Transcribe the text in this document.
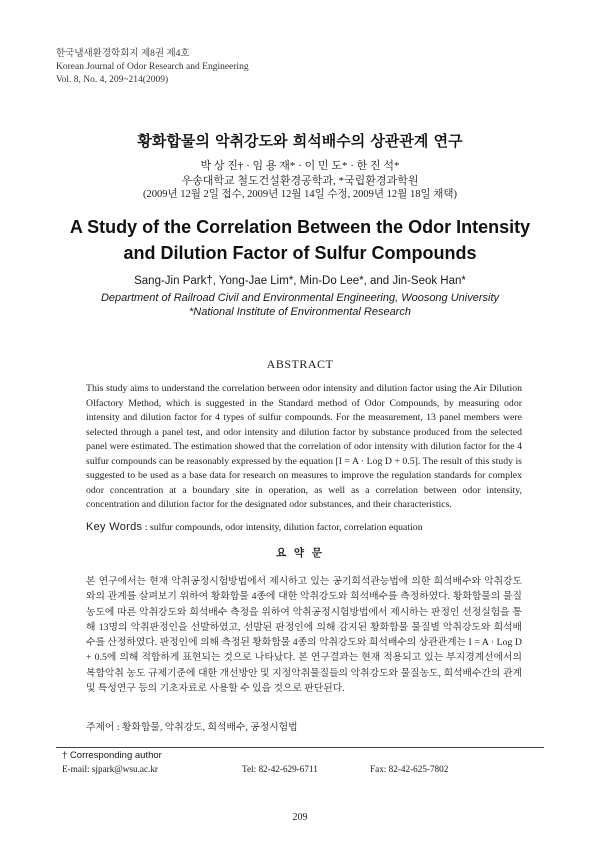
한국냄새환경학회지 제8권 제4호
Korean Journal of Odor Research and Engineering
Vol. 8, No. 4, 209~214(2009)
황화합물의 악취강도와 희석배수의 상관관계 연구
박 상 진† · 임 용 재* · 이 민 도* · 한 진 석*
우송대학교 철도건설환경공학과, *국립환경과학원
(2009년 12월 2일 접수, 2009년 12월 14일 수정, 2009년 12월 18일 채택)
A Study of the Correlation Between the Odor Intensity and Dilution Factor of Sulfur Compounds
Sang-Jin Park†, Yong-Jae Lim*, Min-Do Lee*, and Jin-Seok Han*
Department of Railroad Civil and Environmental Engineering, Woosong University
*National Institute of Environmental Research
ABSTRACT
This study aims to understand the correlation between odor intensity and dilution factor using the Air Dilution Olfactory Method, which is suggested in the Standard method of Odor Compounds, by measuring odor intensity and dilution factor for 4 types of sulfur compounds. For the measurement, 13 panel members were selected through a panel test, and odor intensity and dilution factor by substance produced from the selected panel were estimated. The estimation showed that the correlation of odor intensity with dilution factor for the 4 sulfur compounds can be reasonably expressed by the equation [I = A · Log D + 0.5]. The result of this study is suggested to be used as a base data for research on measures to improve the regulation standards for complex odor concentration at a boundary site in operation, as well as a correlation between odor intensity, concentration and dilution factor for the designated odor substances, and their characteristics.
Key Words : sulfur compounds, odor intensity, dilution factor, correlation equation
요 약 문
본 연구에서는 현재 악취공정시험방법에서 제시하고 있는 공기희석관능법에 의한 희석배수와 악취강도와의 관계를 살펴보기 위하여 황화합물 4종에 대한 악취강도와 희석배수를 측정하였다. 황화합물의 물질농도에 따른 악취강도와 희석배수 측정을 위하여 악취공정시험방법에서 제시하는 판정인 선정실험을 통해 13명의 악취판정인을 선발하였고, 선발된 판정인에 의해 감지된 황화합물 물질별 악취강도와 희석배수를 산정하였다. 판정인에 의해 측정된 황화합물 4종의 악취강도와 희석배수의 상관관계는 I = A · Log D + 0.5에 의해 적합하게 표현되는 것으로 나타났다. 본 연구결과는 현재 적용되고 있는 부지경계선에서의 복합악취 농도 규제기준에 대한 개선방안 및 지정악취물질들의 악취강도와 물질농도, 희석배수간의 관계 및 특성연구 등의 기초자료로 사용할 수 있을 것으로 판단된다.
주제어 : 황화합물, 악취강도, 희석배수, 공정시험법
† Corresponding author
E-mail: sjpark@wsu.ac.kr	Tel: 82-42-629-6711	Fax: 82-42-625-7802
209
